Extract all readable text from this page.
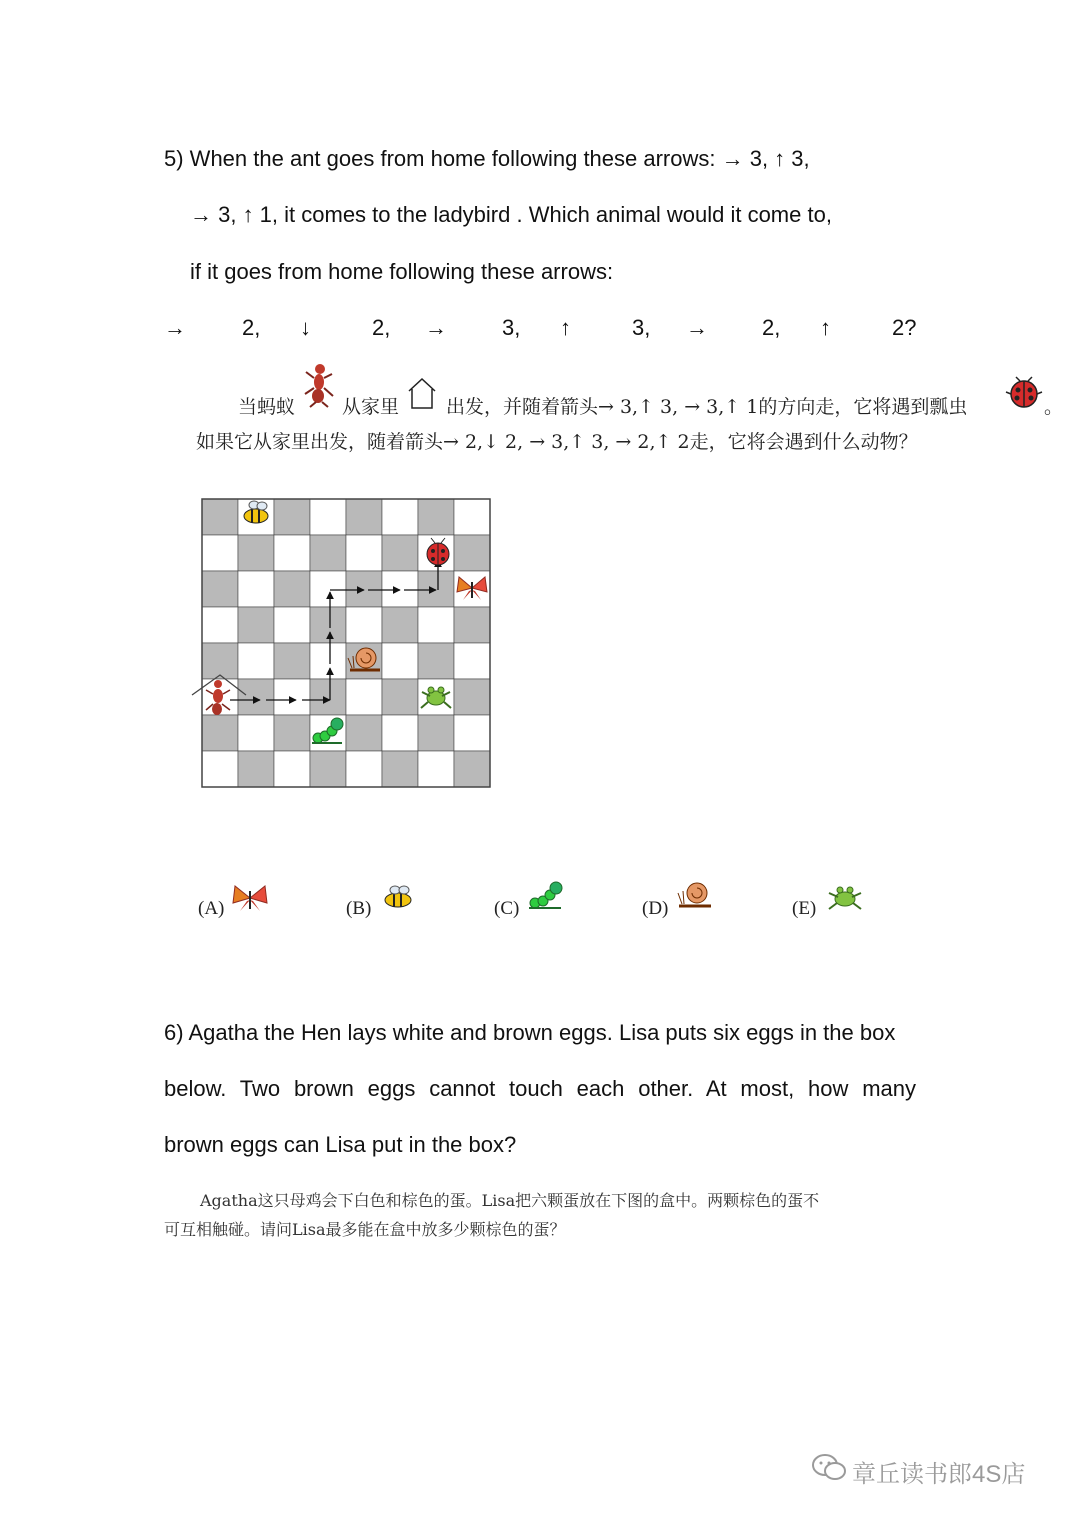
5) When the ant goes from home following these arrows: → 3, ↑ 3,
→ 3, ↑ 1, it comes to the ladybird . Which animal would it come to,
if it goes from home following these arrows:
→	2, ↓	2, →	3, ↑	3, → 2, ↑	2?
当蚂蚁 从家里 出发，并随着箭头→ 3,↑ 3, → 3,↑ 1的方向走，它将遇到瓢虫	。
如果它从家里出发，随着箭头→ 2,↓ 2, → 3,↑ 3, → 2,↑ 2走，它将会遇到什么动物？
(A)	(B)	(C)	(D)	(E)
6) Agatha the Hen lays white and brown eggs. Lisa puts six eggs in the box
below. Two brown eggs cannot touch each other. At most, how many
brown eggs can Lisa put in the box?
Agatha这只母鸡会下白色和棕色的蛋。Lisa把六颗蛋放在下图的盒中。两颗棕色的蛋不
可互相触碰。请问Lisa最多能在盒中放多少颗棕色的蛋？
章丘读书郎4S店
